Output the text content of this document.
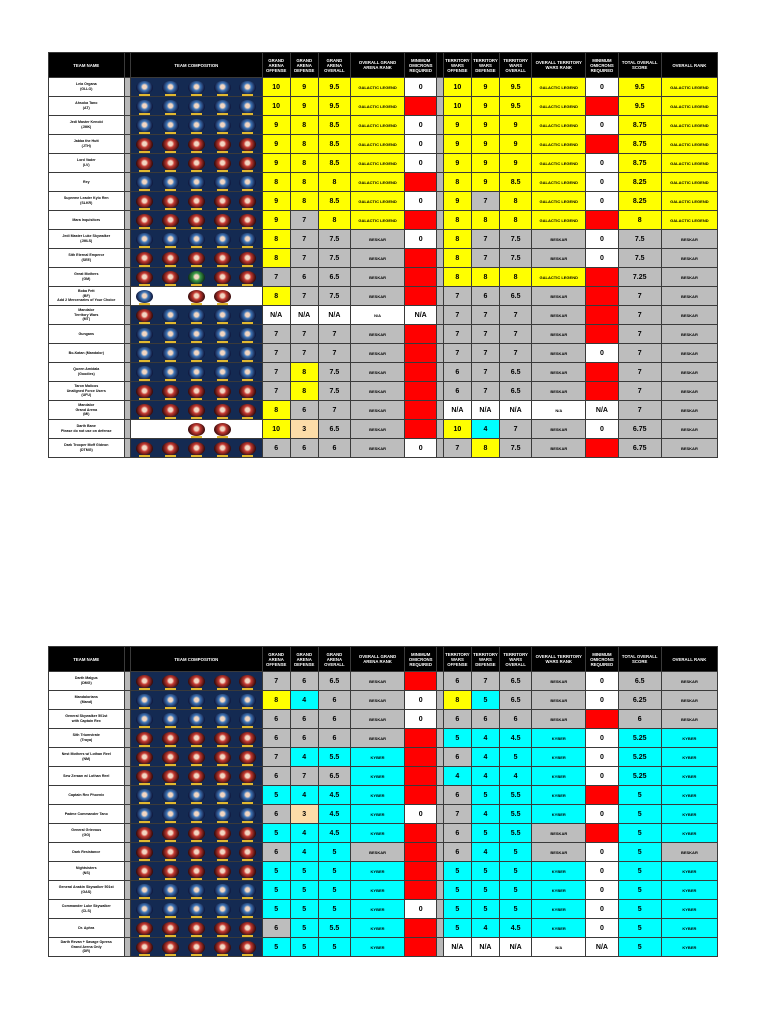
TEAM NAME		TEAM COMPOSITION	GRAND ARENA OFFENSE	GRAND ARENA DEFENSE	GRAND ARENA OVERALL	OVERALL GRAND ARENA RANK	MINIMUM OMICRONS REQUIRED		TERRITORY WARS OFFENSE	TERRITORY WARS DEFENSE	TERRITORY WARS OVERALL	OVERALL TERRITORY WARS RANK	MINIMUM OMICRONS REQUIRED	TOTAL OVERALL SCORE	OVERALL RANK
Leia Organa
(GLLO)			10	9	9.5	GALACTIC LEGEND	0		10	9	9.5	GALACTIC LEGEND	0	9.5	GALACTIC LEGEND
Ahsoka Tano
(AT)			10	9	9.5	GALACTIC LEGEND	1		10	9	9.5	GALACTIC LEGEND	1	9.5	GALACTIC LEGEND
Jedi Master Kenobi
(JMK)			9	8	8.5	GALACTIC LEGEND	0		9	9	9	GALACTIC LEGEND	0	8.75	GALACTIC LEGEND
Jabba the Hutt
(JTH)			9	8	8.5	GALACTIC LEGEND	0		9	9	9	GALACTIC LEGEND	1	8.75	GALACTIC LEGEND
Lord Vader
(LV)			9	8	8.5	GALACTIC LEGEND	0		9	9	9	GALACTIC LEGEND	0	8.75	GALACTIC LEGEND
Rey			8	8	8	GALACTIC LEGEND	1		8	9	8.5	GALACTIC LEGEND	0	8.25	GALACTIC LEGEND
Supreme Leader Kylo Ren
(SLKR)			9	8	8.5	GALACTIC LEGEND	0		9	7	8	GALACTIC LEGEND	0	8.25	GALACTIC LEGEND
Mara Inquisitors			9	7	8	GALACTIC LEGEND	1		8	8	8	GALACTIC LEGEND	2	8	GALACTIC LEGEND
Jedi Master Luke Skywalker
(JMLS)			8	7	7.5	BESKAR	0		8	7	7.5	BESKAR	0	7.5	BESKAR
Sith Eternal Emperor
(SEE)			8	7	7.5	BESKAR	1		8	7	7.5	BESKAR	0	7.5	BESKAR
Great Mothers
(GM)			7	6	6.5	BESKAR	1		8	8	8	GALACTIC LEGEND	1	7.25	BESKAR
Boba Fett
(BF)
Add 2 Mercenaries of Your Choice			8	7	7.5	BESKAR	2		7	6	6.5	BESKAR	1	7	BESKAR
Mandalor
Territory Wars
(MT)			N/A	N/A	N/A	N/A	N/A		7	7	7	BESKAR	1	7	BESKAR
Gungans			7	7	7	BESKAR	2		7	7	7	BESKAR	1	7	BESKAR
Bo-Katan (Mandalor)			7	7	7	BESKAR	1		7	7	7	BESKAR	0	7	BESKAR
Queen Amidala
(Goodies)			7	8	7.5	BESKAR	2		6	7	6.5	BESKAR	1	7	BESKAR
Taron Malicos
Unaligned Force Users
(UFU)			7	8	7.5	BESKAR	4		6	7	6.5	BESKAR	2	7	BESKAR
Mandalor
Grand Arena
(MI)			8	6	7	BESKAR	1		N/A	N/A	N/A	N/A	N/A	7	BESKAR
Darth Bane
Please do not use on defense			10	3	6.5	BESKAR	1		10	4	7	BESKAR	0	6.75	BESKAR
Dark Trooper Moff Gideon
(DTMG)			6	6	6	BESKAR	0		7	8	7.5	BESKAR	2	6.75	BESKAR
TEAM NAME		TEAM COMPOSITION	GRAND ARENA OFFENSE	GRAND ARENA DEFENSE	GRAND ARENA OVERALL	OVERALL GRAND ARENA RANK	MINIMUM OMICRONS REQUIRED		TERRITORY WARS OFFENSE	TERRITORY WARS DEFENSE	TERRITORY WARS OVERALL	OVERALL TERRITORY WARS RANK	MINIMUM OMICRONS REQUIRED	TOTAL OVERALL SCORE	OVERALL RANK
Darth Malgus
(DMG)			7	6	6.5	BESKAR	2		6	7	6.5	BESKAR	0	6.5	BESKAR
Mandalorians
(Mand)			8	4	6	BESKAR	0		8	5	6.5	BESKAR	0	6.25	BESKAR
General Skywalker 501st
with Captain Rex			6	6	6	BESKAR	0		6	6	6	BESKAR	3	6	BESKAR
Sith Triumvirate
(Traya)			6	6	6	BESKAR	2		5	4	4.5	KYBER	0	5.25	KYBER
Nest Mothers w/ Lothan Reel
(NM)			7	4	5.5	KYBER	1		6	4	5	KYBER	0	5.25	KYBER
Sew Zeraan w/ Lothan Reel			6	7	6.5	KYBER	1		4	4	4	KYBER	0	5.25	KYBER
Captain Rex Phoenix			5	4	4.5	KYBER	1		6	5	5.5	KYBER	1	5	KYBER
Padme Commander Tano			6	3	4.5	KYBER	0		7	4	5.5	KYBER	0	5	KYBER
General Grievous
(GG)			5	4	4.5	KYBER	1		6	5	5.5	BESKAR	1	5	KYBER
Dark Resistance			6	4	5	BESKAR	1		6	4	5	BESKAR	0	5	BESKAR
Nightsisters
(NS)			5	5	5	KYBER	1		5	5	5	KYBER	0	5	KYBER
General Anakin Skywalker 501st
(GAS)			5	5	5	KYBER	1		5	5	5	KYBER	0	5	KYBER
Commander Luke Skywalker
(CLS)			5	5	5	KYBER	0		5	5	5	KYBER	0	5	KYBER
Dr. Aphra			6	5	5.5	KYBER	2		5	4	4.5	KYBER	0	5	KYBER
Darth Revan + Savage Opress
Grand Arena Only
(DR)			5	5	5	KYBER	1		N/A	N/A	N/A	N/A	N/A	5	KYBER
